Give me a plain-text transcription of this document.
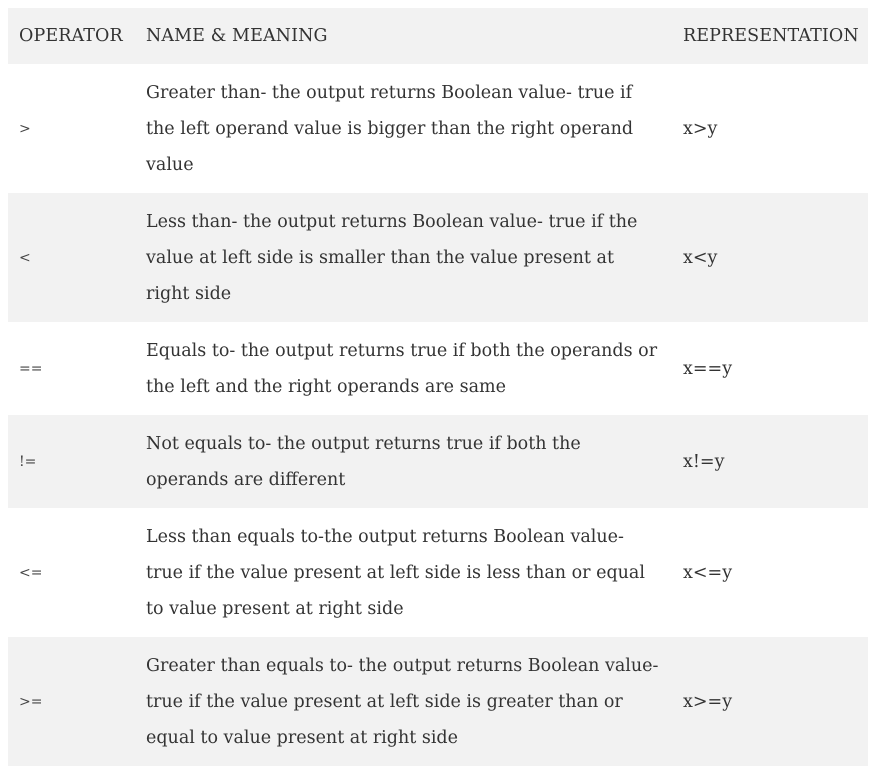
OPERATOR	NAME & MEANING	REPRESENTATION
>	Greater than- the output returns Boolean value- true if the left operand value is bigger than the right operand value	x>y
<	Less than- the output returns Boolean value- true if the value at left side is smaller than the value present at right side	x<y
==	Equals to- the output returns true if both the operands or the left and the right operands are same	x==y
!=	Not equals to- the output returns true if both the operands are different	x!=y
<=	Less than equals to-the output returns Boolean value- true if the value present at left side is less than or equal to value present at right side	x<=y
>=	Greater than equals to- the output returns Boolean value- true if the value present at left side is greater than or equal to value present at right side	x>=y
